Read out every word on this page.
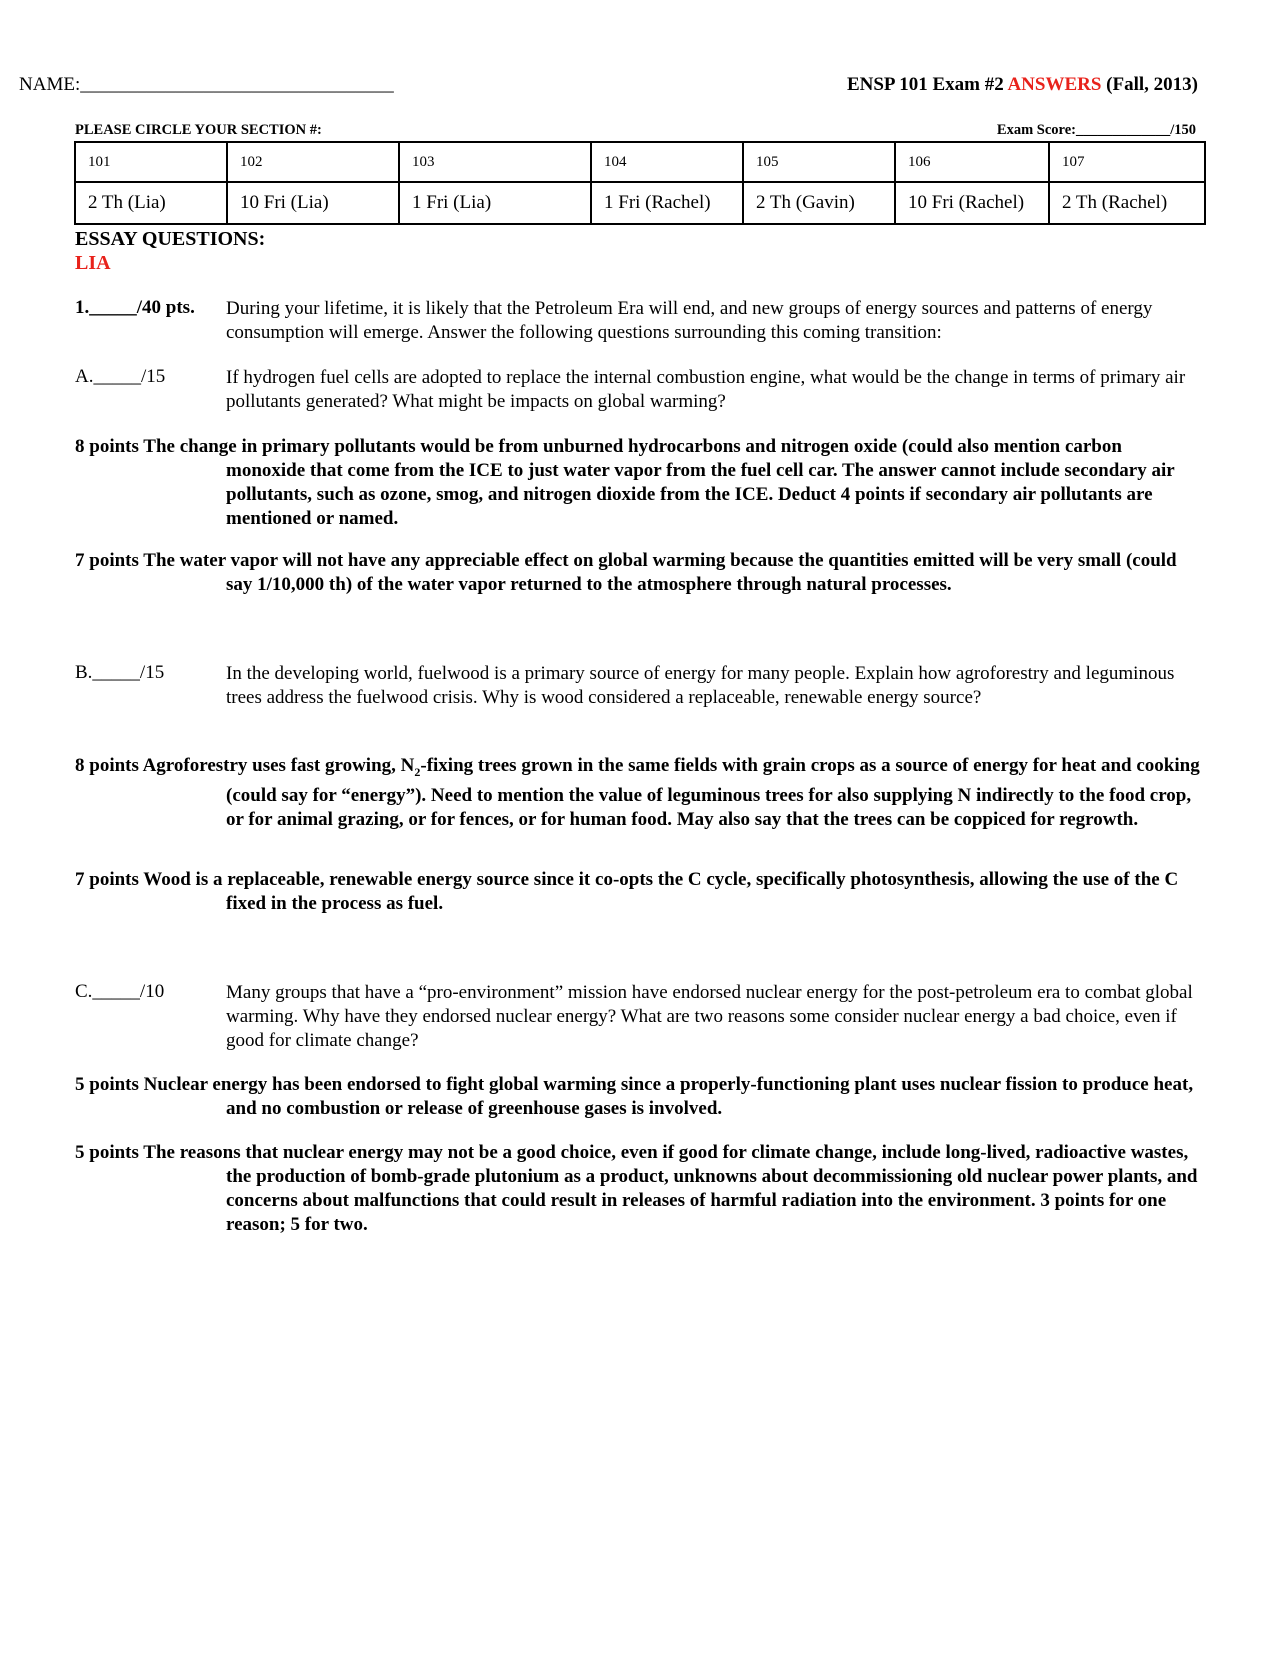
NAME:_________________________________	ENSP 101 Exam #2 ANSWERS (Fall, 2013)
PLEASE CIRCLE YOUR SECTION #:	Exam Score:_____________/150
101	102	103	104	105	106	107
2 Th (Lia)	10 Fri (Lia)	1 Fri (Lia)	1 Fri (Rachel)	2 Th (Gavin)	10 Fri (Rachel)	2 Th (Rachel)
ESSAY QUESTIONS:
LIA
1._____/40 pts. During your lifetime, it is likely that the Petroleum Era will end, and new groups of energy sources and patterns of energy consumption will emerge. Answer the following questions surrounding this coming transition:
A._____/15	If hydrogen fuel cells are adopted to replace the internal combustion engine, what would be the change in terms of primary air pollutants generated? What might be impacts on global warming?
8 points The change in primary pollutants would be from unburned hydrocarbons and nitrogen oxide (could also mention carbon monoxide that come from the ICE to just water vapor from the fuel cell car. The answer cannot include secondary air pollutants, such as ozone, smog, and nitrogen dioxide from the ICE. Deduct 4 points if secondary air pollutants are mentioned or named.
7 points The water vapor will not have any appreciable effect on global warming because the quantities emitted will be very small (could say 1/10,000 th) of the water vapor returned to the atmosphere through natural processes.
B._____/15	In the developing world, fuelwood is a primary source of energy for many people. Explain how agroforestry and leguminous trees address the fuelwood crisis. Why is wood considered a replaceable, renewable energy source?
8 points Agroforestry uses fast growing, $N_2$-fixing trees grown in the same fields with grain crops as a source of energy for heat and cooking (could say for “energy”). Need to mention the value of leguminous trees for also supplying N indirectly to the food crop, or for animal grazing, or for fences, or for human food. May also say that the trees can be coppiced for regrowth.
7 points Wood is a replaceable, renewable energy source since it co-opts the C cycle, specifically photosynthesis, allowing the use of the C fixed in the process as fuel.
C._____/10	Many groups that have a “pro-environment” mission have endorsed nuclear energy for the post-petroleum era to combat global warming. Why have they endorsed nuclear energy? What are two reasons some consider nuclear energy a bad choice, even if good for climate change?
5 points Nuclear energy has been endorsed to fight global warming since a properly-functioning plant uses nuclear fission to produce heat, and no combustion or release of greenhouse gases is involved.
5 points The reasons that nuclear energy may not be a good choice, even if good for climate change, include long-lived, radioactive wastes, the production of bomb-grade plutonium as a product, unknowns about decommissioning old nuclear power plants, and concerns about malfunctions that could result in releases of harmful radiation into the environment. 3 points for one reason; 5 for two.
